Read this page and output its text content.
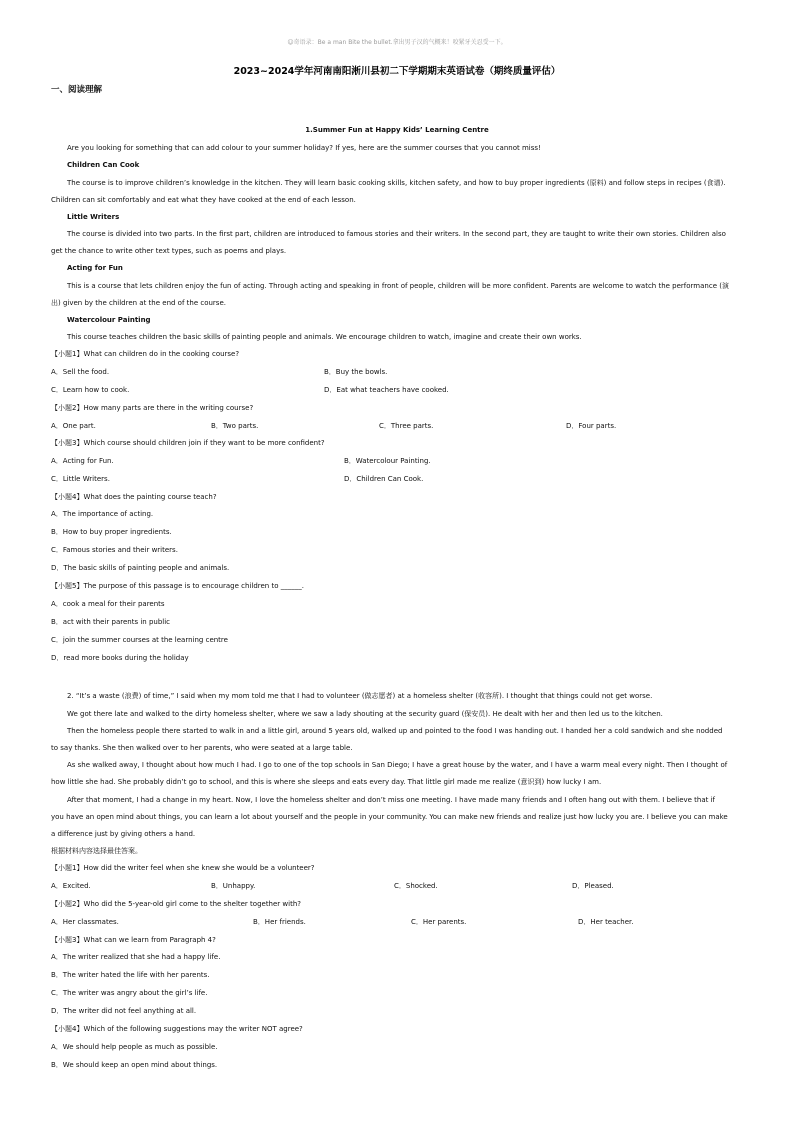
☺奇语录：Be a man Bite the bullet.拿出男子汉的气概来！咬紧牙关忍受一下。
2023~2024学年河南南阳淅川县初二下学期期末英语试卷（期终质量评估）
一、阅读理解
1.Summer Fun at Happy Kids’ Learning Centre
Are you looking for something that can add colour to your summer holiday? If yes, here are the summer courses that you cannot miss!
Children Can Cook
The course is to improve children’s knowledge in the kitchen. They will learn basic cooking skills, kitchen safety, and how to buy proper ingredients (原料) and follow steps in recipes (食谱).
Children can sit comfortably and eat what they have cooked at the end of each lesson.
Little Writers
The course is divided into two parts. In the first part, children are introduced to famous stories and their writers. In the second part, they are taught to write their own stories. Children also
get the chance to write other text types, such as poems and plays.
Acting for Fun
This is a course that lets children enjoy the fun of acting. Through acting and speaking in front of people, children will be more confident. Parents are welcome to watch the performance (演
出) given by the children at the end of the course.
Watercolour Painting
This course teaches children the basic skills of painting people and animals. We encourage children to watch, imagine and create their own works.
【小题1】What can children do in the cooking course?
A．Sell the food.	B．Buy the bowls.
C．Learn how to cook.	D．Eat what teachers have cooked.
【小题2】How many parts are there in the writing course?
A．One part.	B．Two parts.	C．Three parts.	D．Four parts.
【小题3】Which course should children join if they want to be more confident?
A．Acting for Fun.	B．Watercolour Painting.
C．Little Writers.	D．Children Can Cook.
【小题4】What does the painting course teach?
A．The importance of acting.
B．How to buy proper ingredients.
C．Famous stories and their writers.
D．The basic skills of painting people and animals.
【小题5】The purpose of this passage is to encourage children to ______.
A．cook a meal for their parents
B．act with their parents in public
C．join the summer courses at the learning centre
D．read more books during the holiday
2. “It’s a waste (浪费) of time,” I said when my mom told me that I had to volunteer (做志愿者) at a homeless shelter (收容所). I thought that things could not get worse.
We got there late and walked to the dirty homeless shelter, where we saw a lady shouting at the security guard (保安员). He dealt with her and then led us to the kitchen.
Then the homeless people there started to walk in and a little girl, around 5 years old, walked up and pointed to the food I was handing out. I handed her a cold sandwich and she nodded
to say thanks. She then walked over to her parents, who were seated at a large table.
As she walked away, I thought about how much I had. I go to one of the top schools in San Diego; I have a great house by the water, and I have a warm meal every night. Then I thought of
how little she had. She probably didn’t go to school, and this is where she sleeps and eats every day. That little girl made me realize (意识到) how lucky I am.
After that moment, I had a change in my heart. Now, I love the homeless shelter and don’t miss one meeting. I have made many friends and I often hang out with them. I believe that if
you have an open mind about things, you can learn a lot about yourself and the people in your community. You can make new friends and realize just how lucky you are. I believe you can make
a difference just by giving others a hand.
根据材料内容选择最佳答案。
【小题1】How did the writer feel when she knew she would be a volunteer?
A．Excited.	B．Unhappy.	C．Shocked.	D．Pleased.
【小题2】Who did the 5-year-old girl come to the shelter together with?
A．Her classmates.	B．Her friends.	C．Her parents.	D．Her teacher.
【小题3】What can we learn from Paragraph 4?
A．The writer realized that she had a happy life.
B．The writer hated the life with her parents.
C．The writer was angry about the girl’s life.
D．The writer did not feel anything at all.
【小题4】Which of the following suggestions may the writer NOT agree?
A．We should help people as much as possible.
B．We should keep an open mind about things.
